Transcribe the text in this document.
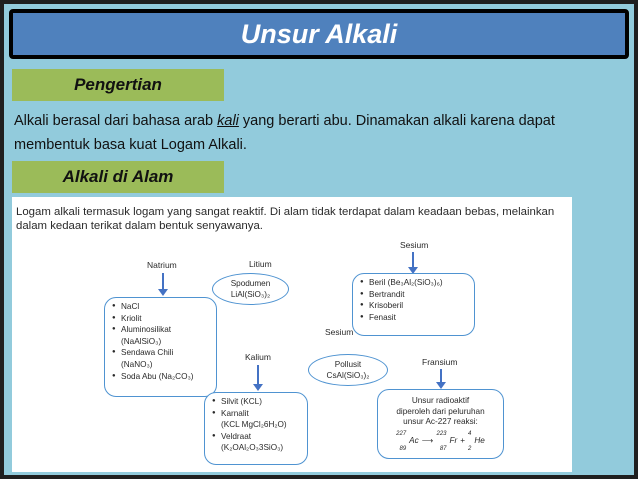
Unsur Alkali
Pengertian
Alkali berasal dari bahasa arab kali yang berarti abu. Dinamakan alkali karena dapat membentuk basa kuat Logam Alkali.
Alkali di Alam
Logam alkali termasuk logam yang sangat reaktif. Di alam tidak terdapat dalam keadaan bebas, melainkan dalam kedaan terikat dalam bentuk senyawanya.
Natrium
● NaCl
● Kriolit
● Aluminosilikat
(NaAlSiO₃)
● Sendawa Chili
(NaNO₃)
● Soda Abu (Na₂CO₃)
Litium
Spodumen
LiAl(SiO₃)₂
Sesium
● Beril (Be₃Al₂(SiO₃)₆)
● Bertrandit
● Krisoberil
● Fenasit
Sesium
Pollusit
CsAl(SiO₃)₂
Kalium
● Silvit (KCL)
● Karnalit
(KCL MgCl₂6H₂O)
● Veldraat
(K₂OAl₂O₃3SiO₃)
Fransium
Unsur radioaktif
diperoleh dari peluruhan
unsur Ac-227 reaksi:
227
89
Ac ⟶
223
87
Fr +
4
2
He
